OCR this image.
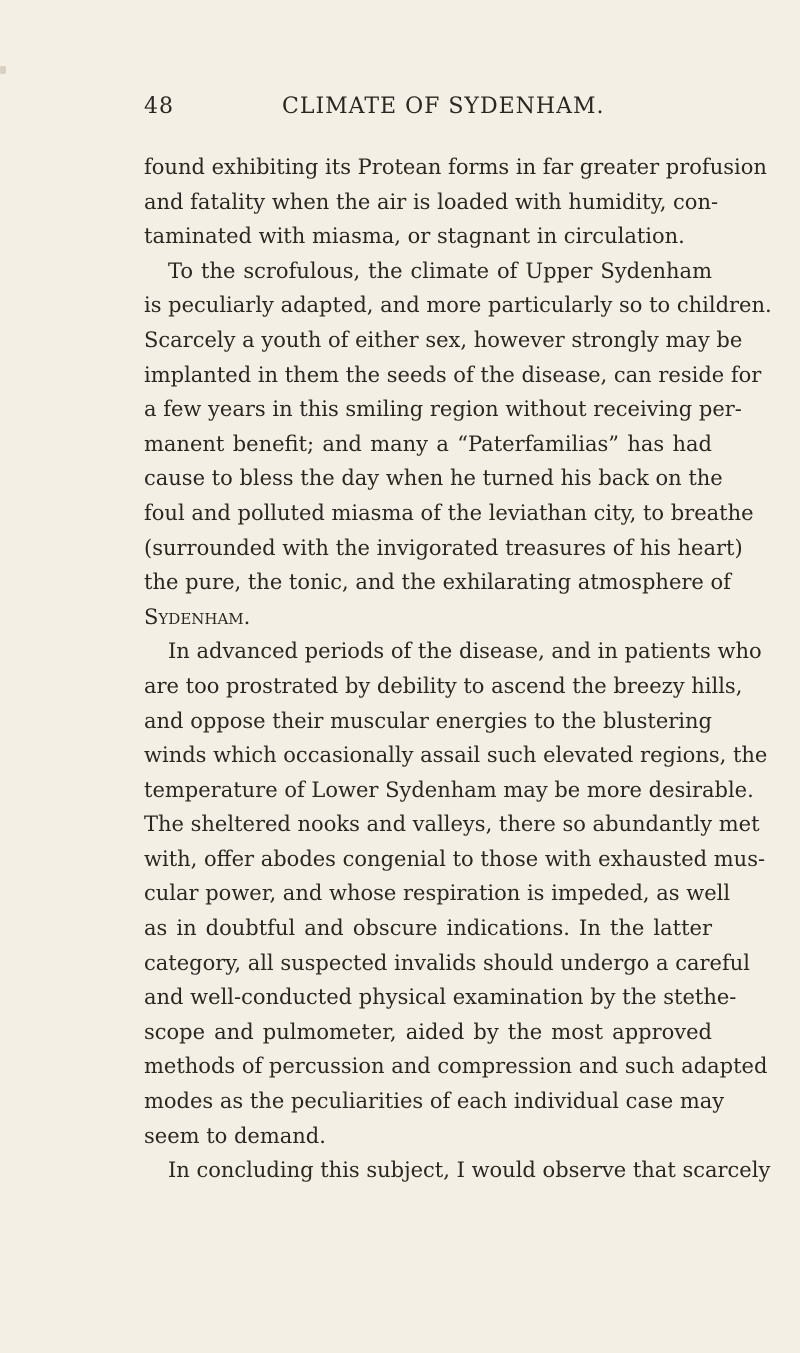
48	CLIMATE OF SYDENHAM.
found exhibiting its Protean forms in far greater profusion
and fatality when the air is loaded with humidity, con-
taminated with miasma, or stagnant in circulation.
To the scrofulous, the climate of Upper Sydenham
is peculiarly adapted, and more particularly so to children.
Scarcely a youth of either sex, however strongly may be
implanted in them the seeds of the disease, can reside for
a few years in this smiling region without receiving per-
manent benefit; and many a “Paterfamilias” has had
cause to bless the day when he turned his back on the
foul and polluted miasma of the leviathan city, to breathe
(surrounded with the invigorated treasures of his heart)
the pure, the tonic, and the exhilarating atmosphere of
Sydenham.
In advanced periods of the disease, and in patients who
are too prostrated by debility to ascend the breezy hills,
and oppose their muscular energies to the blustering
winds which occasionally assail such elevated regions, the
temperature of Lower Sydenham may be more desirable.
The sheltered nooks and valleys, there so abundantly met
with, offer abodes congenial to those with exhausted mus-
cular power, and whose respiration is impeded, as well
as in doubtful and obscure indications. In the latter
category, all suspected invalids should undergo a careful
and well-conducted physical examination by the stethe-
scope and pulmometer, aided by the most approved
methods of percussion and compression and such adapted
modes as the peculiarities of each individual case may
seem to demand.
In concluding this subject, I would observe that scarcely
